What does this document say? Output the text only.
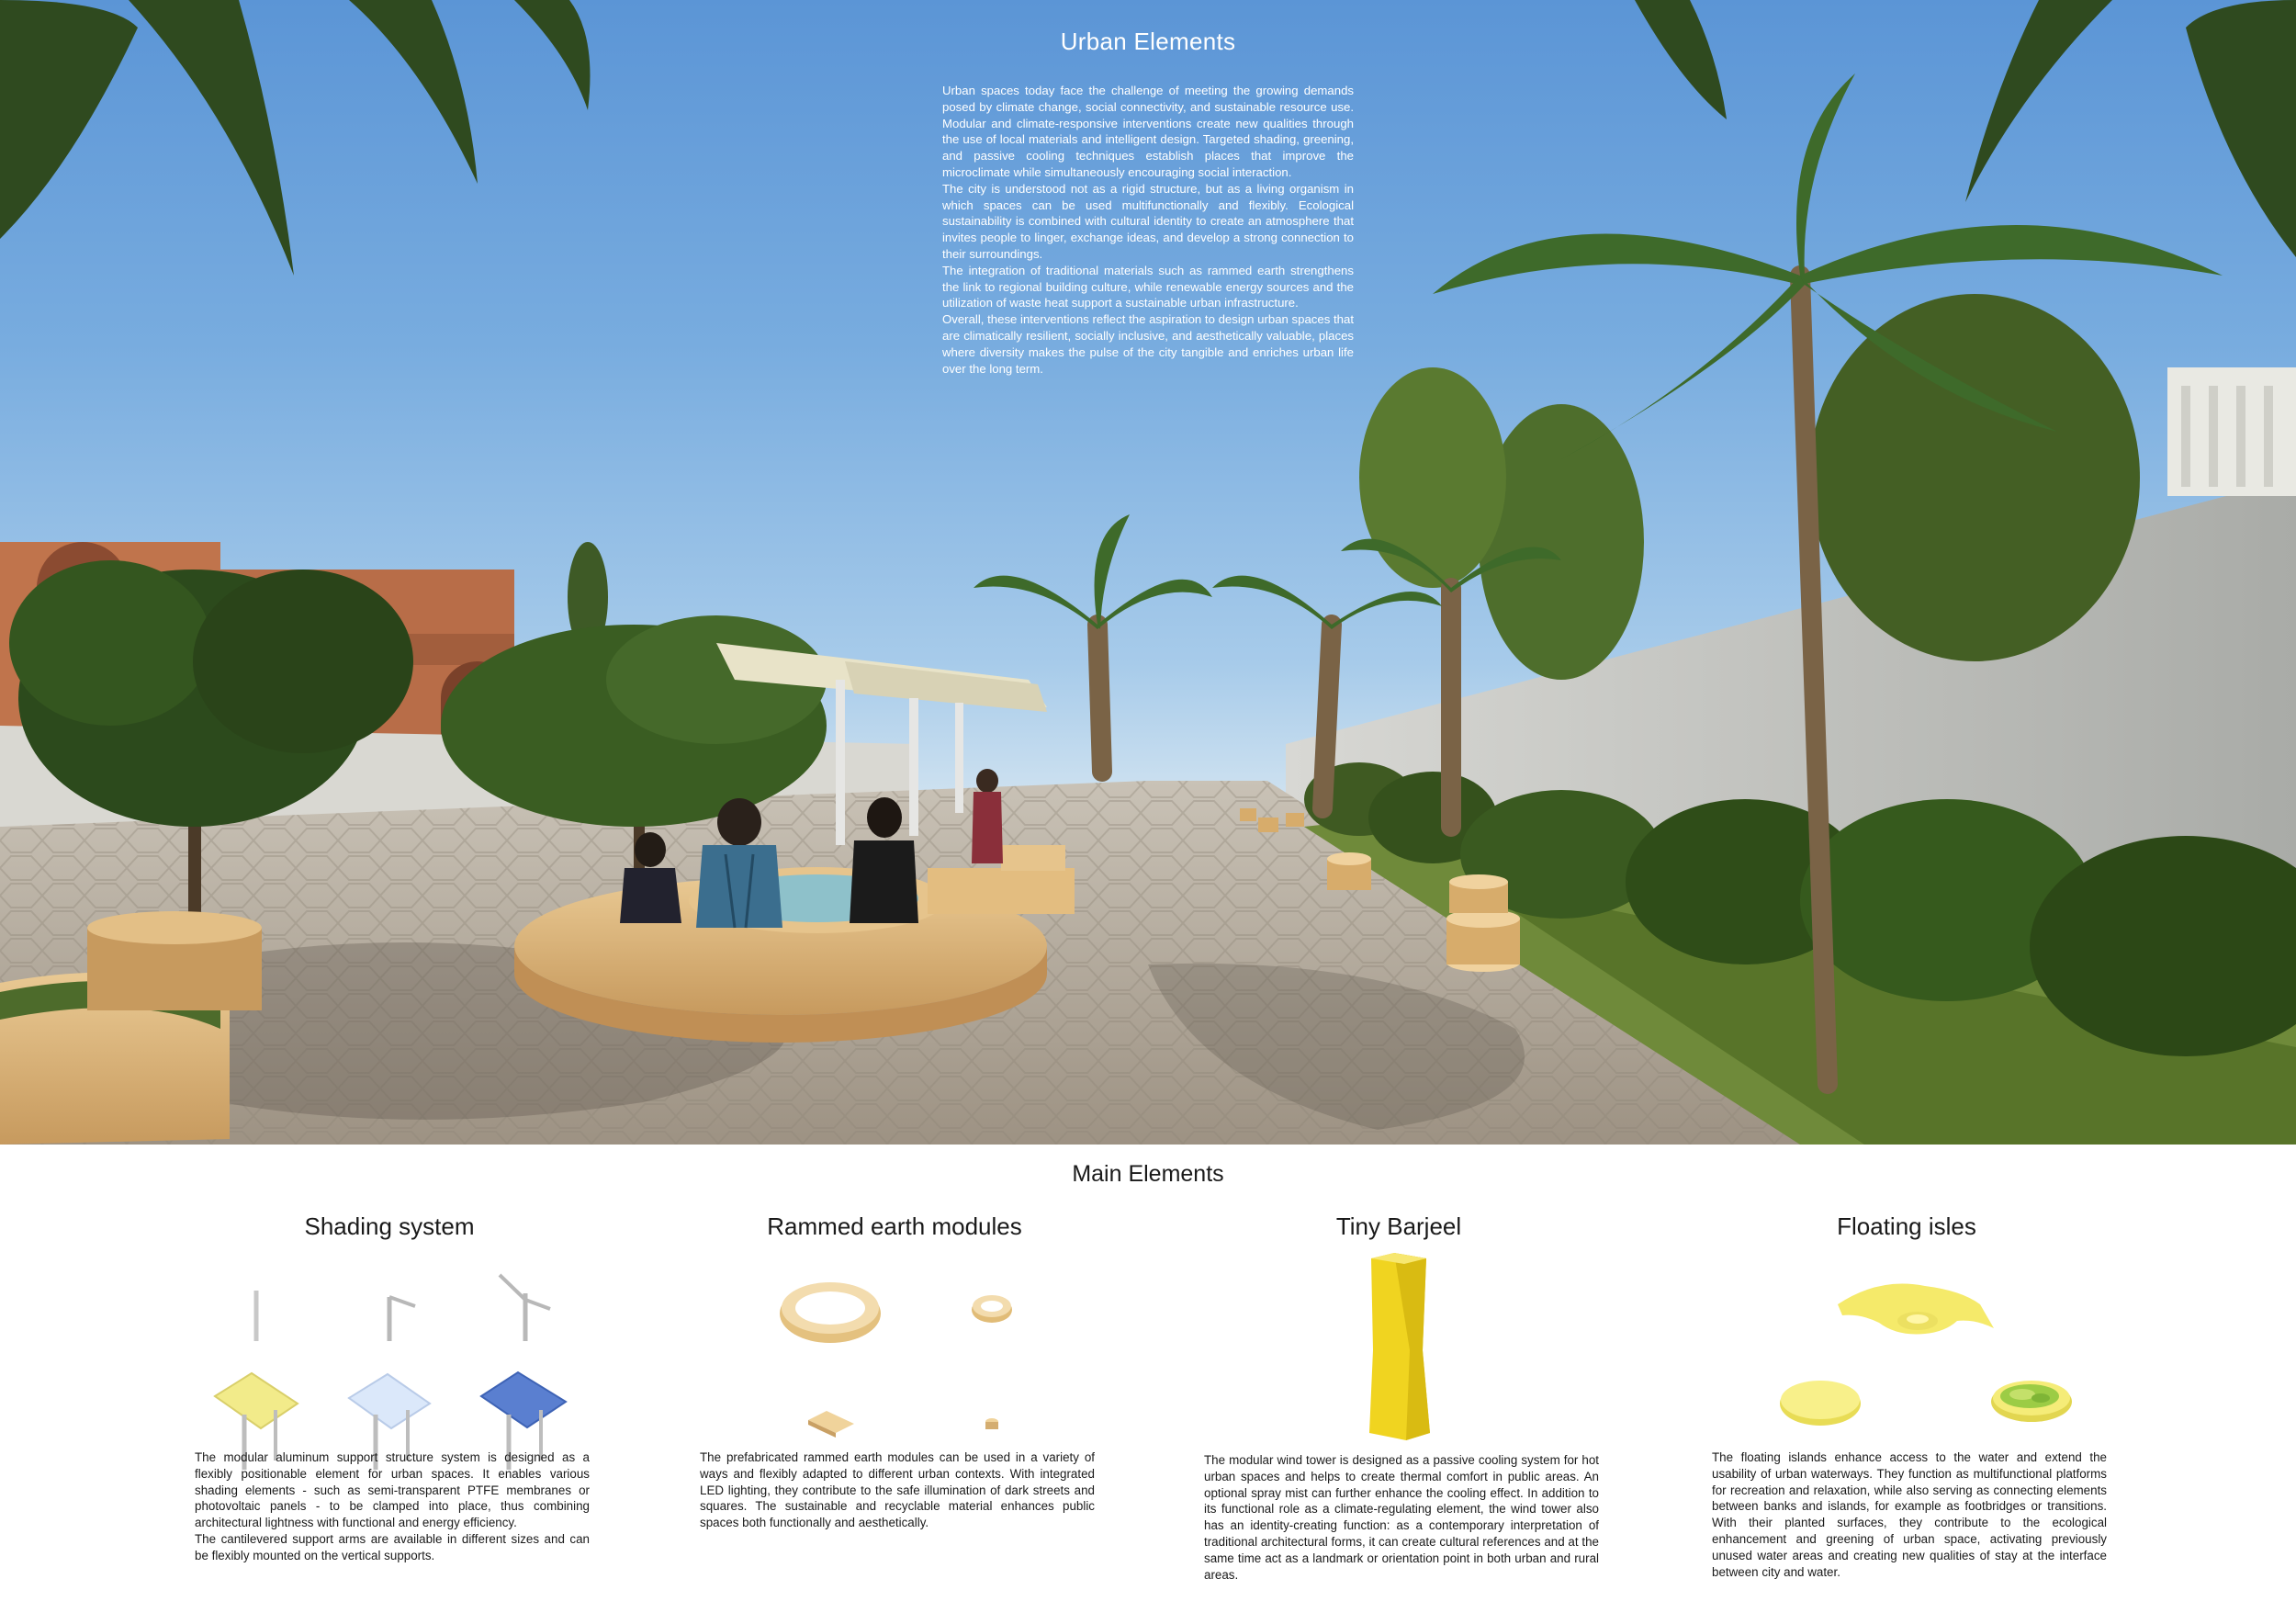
Urban Elements

Urban spaces today face the challenge of meeting the growing demands posed by climate change, social connectivity, and sustainable resource use. Modular and climate-responsive interventions create new qualities through the use of local materials and intelligent design. Targeted shading, greening, and passive cooling techniques establish places that improve the microclimate while simultaneously encouraging social interaction.

The city is understood not as a rigid structure, but as a living organism in which spaces can be used multifunctionally and flexibly. Ecological sustainability is combined with cultural identity to create an atmosphere that invites people to linger, exchange ideas, and develop a strong connection to their surroundings.

The integration of traditional materials such as rammed earth strengthens the link to regional building culture, while renewable energy sources and the utilization of waste heat support a sustainable urban infrastructure.

Overall, these interventions reflect the aspiration to design urban spaces that are climatically resilient, socially inclusive, and aesthetically valuable, places where diversity makes the pulse of the city tangible and enriches urban life over the long term.

Main Elements
Shading system

The modular aluminum support structure system is designed as a flexibly positionable element for urban spaces. It enables various shading elements - such as semi-transparent PTFE membranes or photovoltaic panels - to be clamped into place, thus combining architectural lightness with functional and energy efficiency.

The cantilevered support arms are available in different sizes and can be flexibly mounted on the vertical supports.

Rammed earth modules

The prefabricated rammed earth modules can be used in a variety of ways and flexibly adapted to different urban contexts. With integrated LED lighting, they contribute to the safe illumination of dark streets and squares. The sustainable and recyclable material enhances public spaces both functionally and aesthetically.

Tiny Barjeel

The modular wind tower is designed as a passive cooling system for hot urban spaces and helps to create thermal comfort in public areas. An optional spray mist can further enhance the cooling effect. In addition to its functional role as a climate-regulating element, the wind tower also has an identity-creating function: as a contemporary interpretation of traditional architectural forms, it can create cultural references and at the same time act as a landmark or orientation point in both urban and rural areas.

Floating isles

The floating islands enhance access to the water and extend the usability of urban waterways. They function as multifunctional platforms for recreation and relaxation, while also serving as connecting elements between banks and islands, for example as footbridges or transitions. With their planted surfaces, they contribute to the ecological enhancement and greening of urban space, activating previously unused water areas and creating new qualities of stay at the interface between city and water.
